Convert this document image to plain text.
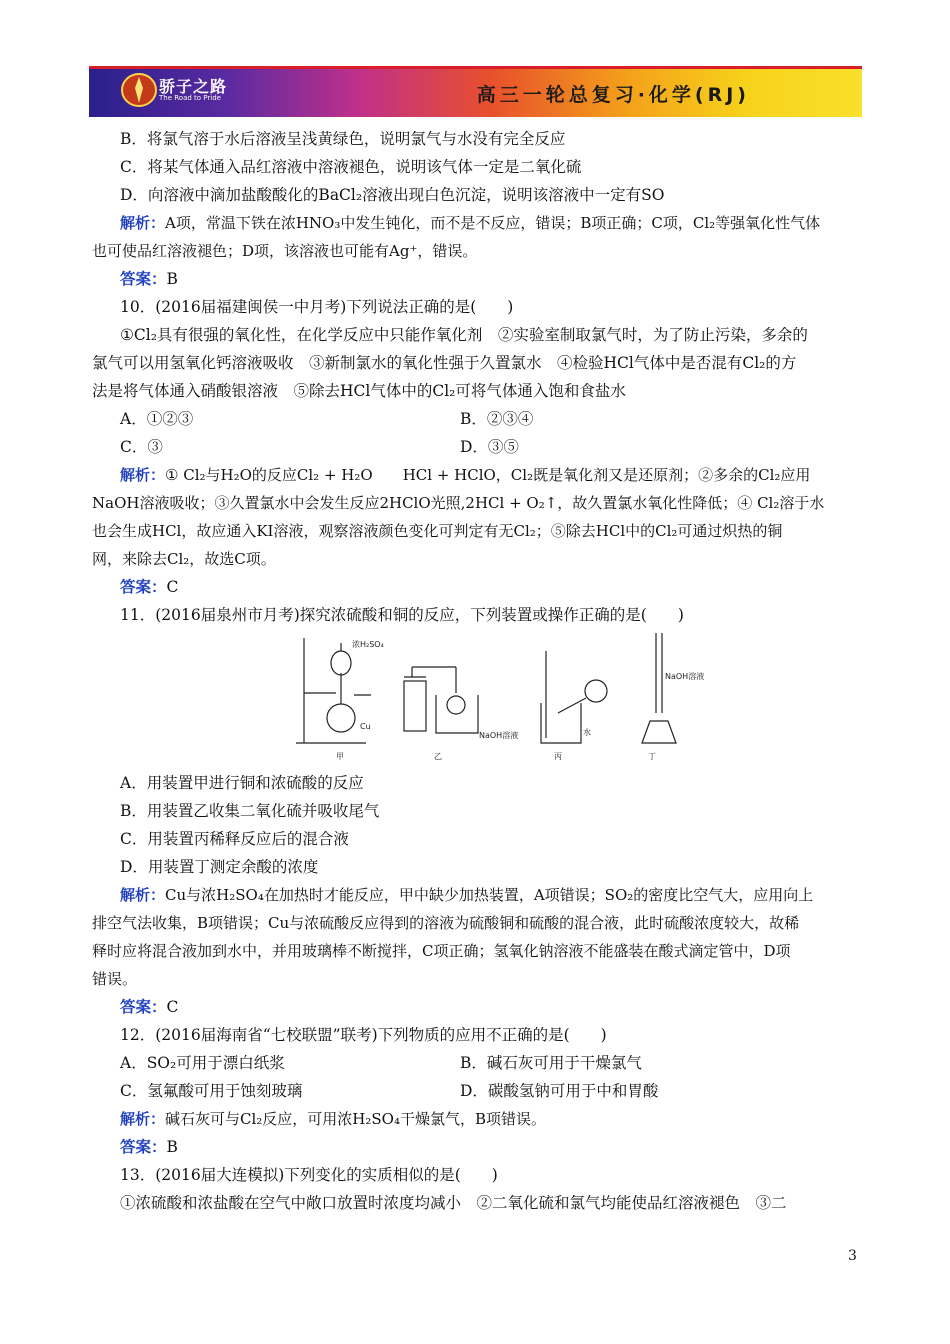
骄子之路
The Road to Pride	高三一轮总复习·化学(RJ)
B．将氯气溶于水后溶液呈浅黄绿色，说明氯气与水没有完全反应
C．将某气体通入品红溶液中溶液褪色，说明该气体一定是二氧化硫
D．向溶液中滴加盐酸酸化的BaCl₂溶液出现白色沉淀，说明该溶液中一定有SO
解析：A项，常温下铁在浓HNO₃中发生钝化，而不是不反应，错误；B项正确；C项，Cl₂等强氧化性气体
也可使品红溶液褪色；D项，该溶液也可能有Ag⁺，错误。
答案：B
10．(2016届福建闽侯一中月考)下列说法正确的是(　　)
①Cl₂具有很强的氧化性，在化学反应中只能作氧化剂　②实验室制取氯气时，为了防止污染，多余的
氯气可以用氢氧化钙溶液吸收　③新制氯水的氧化性强于久置氯水　④检验HCl气体中是否混有Cl₂的方
法是将气体通入硝酸银溶液　⑤除去HCl气体中的Cl₂可将气体通入饱和食盐水
A．①②③	B．②③④
C．③	D．③⑤
解析：① Cl₂与H₂O的反应Cl₂ + H₂O　　HCl + HClO，Cl₂既是氧化剂又是还原剂；②多余的Cl₂应用
NaOH溶液吸收；③久置氯水中会发生反应2HClO光照,2HCl + O₂↑，故久置氯水氧化性降低；④ Cl₂溶于水
也会生成HCl，故应通入KI溶液，观察溶液颜色变化可判定有无Cl₂；⑤除去HCl中的Cl₂可通过炽热的铜
网，来除去Cl₂，故选C项。
答案：C
11．(2016届泉州市月考)探究浓硫酸和铜的反应，下列装置或操作正确的是(　　)
浓H₂SO₄
Cu
NaOH溶液	水
NaOH溶液
甲	乙	丙	丁
A．用装置甲进行铜和浓硫酸的反应
B．用装置乙收集二氧化硫并吸收尾气
C．用装置丙稀释反应后的混合液
D．用装置丁测定余酸的浓度
解析：Cu与浓H₂SO₄在加热时才能反应，甲中缺少加热装置，A项错误；SO₂的密度比空气大，应用向上
排空气法收集，B项错误；Cu与浓硫酸反应得到的溶液为硫酸铜和硫酸的混合液，此时硫酸浓度较大，故稀
释时应将混合液加到水中，并用玻璃棒不断搅拌，C项正确；氢氧化钠溶液不能盛装在酸式滴定管中，D项
错误。
答案：C
12．(2016届海南省“七校联盟”联考)下列物质的应用不正确的是(　　)
A．SO₂可用于漂白纸浆	B．碱石灰可用于干燥氯气
C．氢氟酸可用于蚀刻玻璃	D．碳酸氢钠可用于中和胃酸
解析：碱石灰可与Cl₂反应，可用浓H₂SO₄干燥氯气，B项错误。
答案：B
13．(2016届大连模拟)下列变化的实质相似的是(　　)
①浓硫酸和浓盐酸在空气中敞口放置时浓度均减小　②二氧化硫和氯气均能使品红溶液褪色　③二
3
